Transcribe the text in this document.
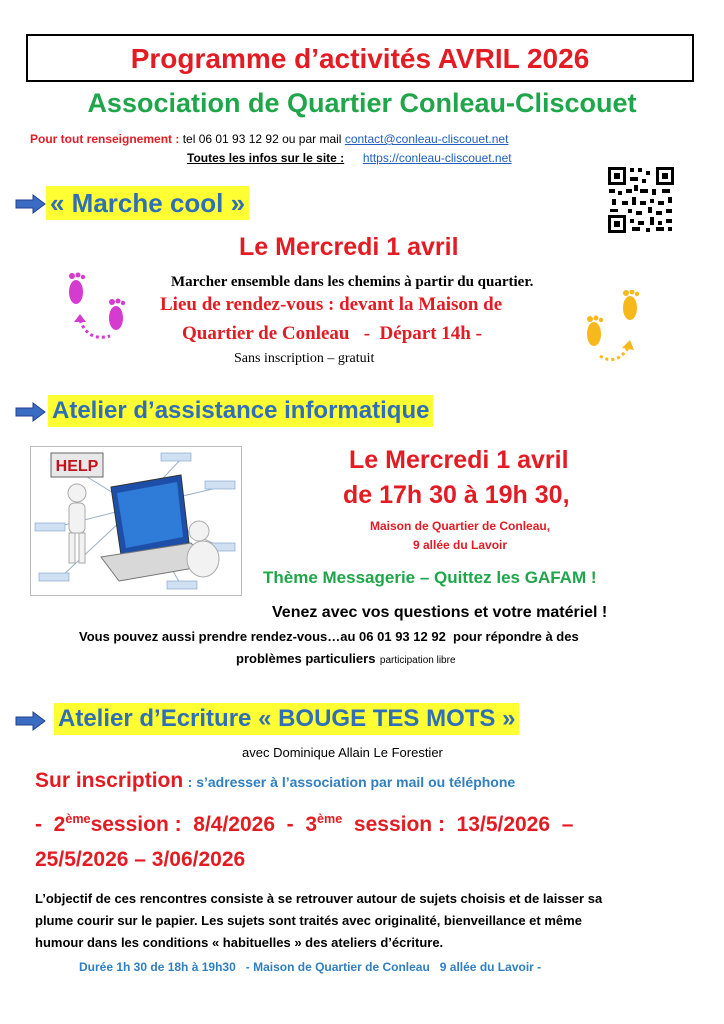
Programme d’activités AVRIL 2026
Association de Quartier Conleau-Cliscouet
Pour tout renseignement : tel 06 01 93 12 92 ou par mail contact@conleau-cliscouet.net
Toutes les infos sur le site : https://conleau-cliscouet.net
« Marche cool »
Le Mercredi 1 avril
Marcher ensemble dans les chemins à partir du quartier.
Lieu de rendez-vous : devant la Maison de
Quartier de Conleau   -  Départ 14h -
Sans inscription – gratuit
Atelier d’assistance informatique
HELP	Le Mercredi 1 avril
de 17h 30 à 19h 30,
Maison de Quartier de Conleau,
9 allée du Lavoir
Thème Messagerie – Quittez les GAFAM !
Venez avec vos questions et votre matériel !
Vous pouvez aussi prendre rendez-vous…au 06 01 93 12 92  pour répondre à des
problèmes particuliers participation libre
Atelier d’Ecriture « BOUGE TES MOTS »
avec Dominique Allain Le Forestier
Sur inscription : s’adresser à l’association par mail ou téléphone
-  2èmesession :  8/4/2026  -  3ème  session :  13/5/2026  –
25/5/2026 – 3/06/2026
L’objectif de ces rencontres consiste à se retrouver autour de sujets choisis et de laisser sa
plume courir sur le papier. Les sujets sont traités avec originalité, bienveillance et même
humour dans les conditions « habituelles » des ateliers d’écriture.
Durée 1h 30 de 18h à 19h30   - Maison de Quartier de Conleau   9 allée du Lavoir -
